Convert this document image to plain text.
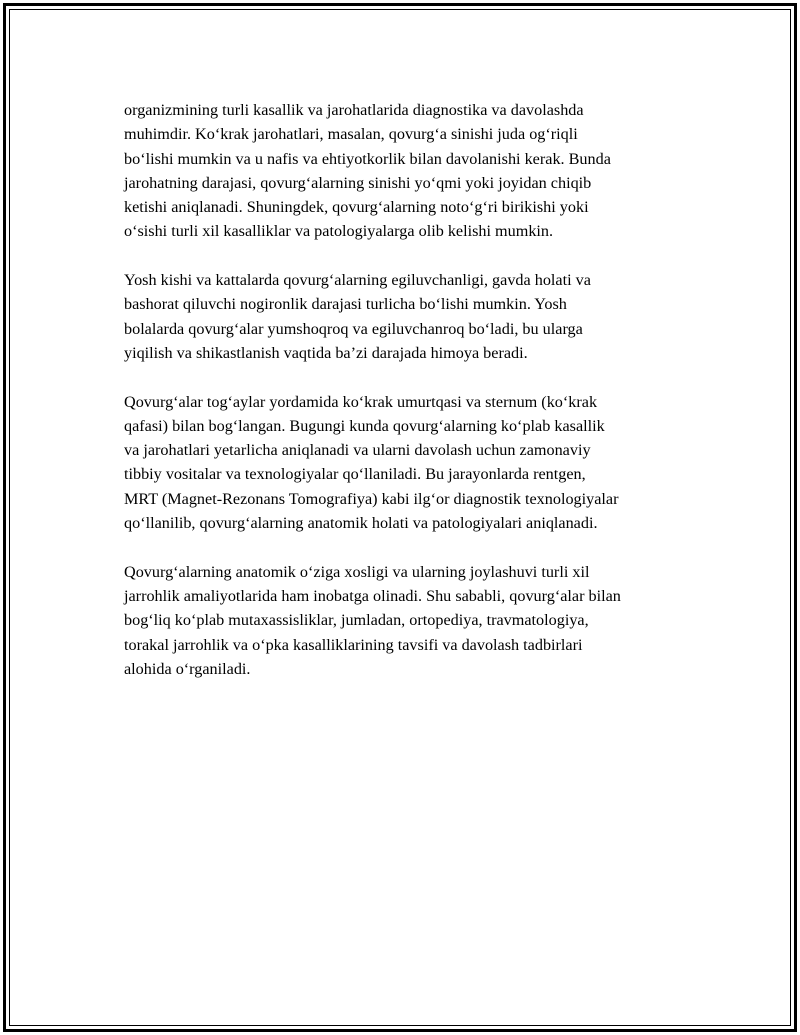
organizmining turli kasallik va jarohatlarida diagnostika va davolashda
muhimdir. Ko‘krak jarohatlari, masalan, qovurg‘a sinishi juda og‘riqli
bo‘lishi mumkin va u nafis va ehtiyotkorlik bilan davolanishi kerak. Bunda
jarohatning darajasi, qovurg‘alarning sinishi yo‘qmi yoki joyidan chiqib
ketishi aniqlanadi. Shuningdek, qovurg‘alarning noto‘g‘ri birikishi yoki
o‘sishi turli xil kasalliklar va patologiyalarga olib kelishi mumkin.

Yosh kishi va kattalarda qovurg‘alarning egiluvchanligi, gavda holati va
bashorat qiluvchi nogironlik darajasi turlicha bo‘lishi mumkin. Yosh
bolalarda qovurg‘alar yumshoqroq va egiluvchanroq bo‘ladi, bu ularga
yiqilish va shikastlanish vaqtida ba’zi darajada himoya beradi.

Qovurg‘alar tog‘aylar yordamida ko‘krak umurtqasi va sternum (ko‘krak
qafasi) bilan bog‘langan. Bugungi kunda qovurg‘alarning ko‘plab kasallik
va jarohatlari yetarlicha aniqlanadi va ularni davolash uchun zamonaviy
tibbiy vositalar va texnologiyalar qo‘llaniladi. Bu jarayonlarda rentgen,
MRT (Magnet-Rezonans Tomografiya) kabi ilg‘or diagnostik texnologiyalar
qo‘llanilib, qovurg‘alarning anatomik holati va patologiyalari aniqlanadi.

Qovurg‘alarning anatomik o‘ziga xosligi va ularning joylashuvi turli xil
jarrohlik amaliyotlarida ham inobatga olinadi. Shu sababli, qovurg‘alar bilan
bog‘liq ko‘plab mutaxassisliklar, jumladan, ortopediya, travmatologiya,
torakal jarrohlik va o‘pka kasalliklarining tavsifi va davolash tadbirlari
alohida o‘rganiladi.
